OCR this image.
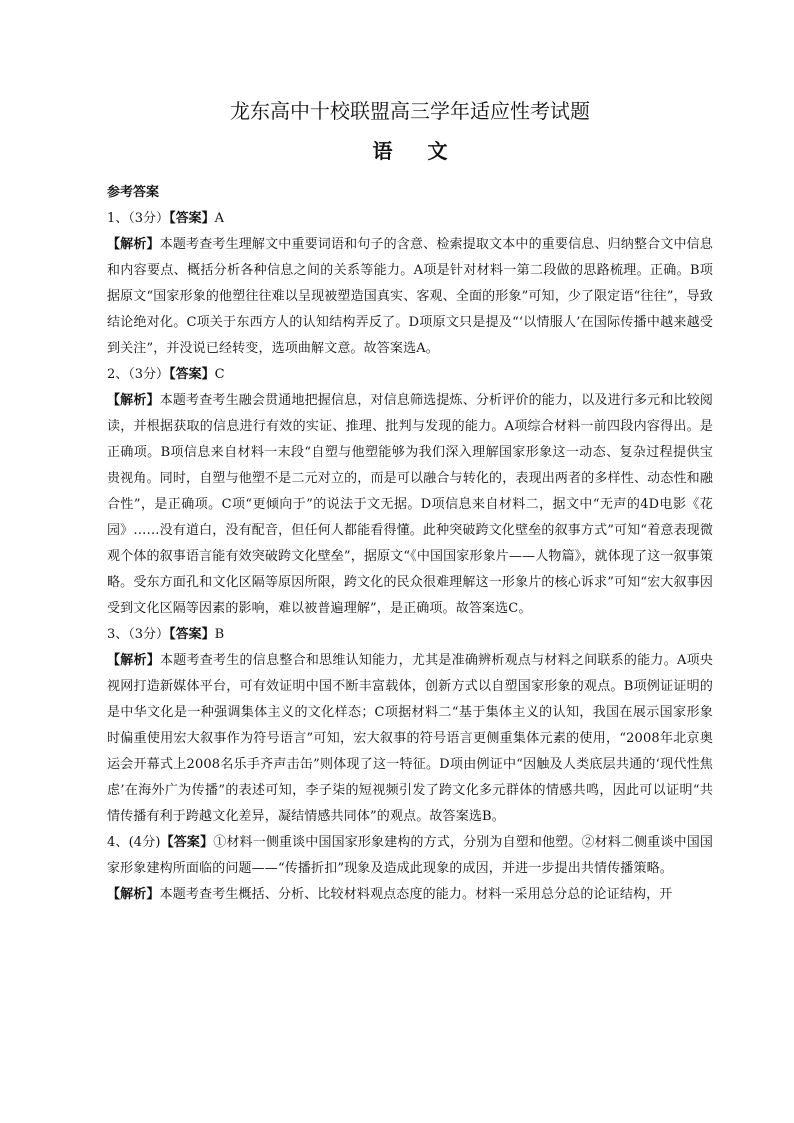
龙东高中十校联盟高三学年适应性考试题
语 文

参考答案

1、（3分）【答案】A

【解析】本题考查考生理解文中重要词语和句子的含意、检索提取文本中的重要信息、归纳整合文中信息和内容要点、概括分析各种信息之间的关系等能力。A项是针对材料一第二段做的思路梳理。正确。B项据原文“国家形象的他塑往往难以呈现被塑造国真实、客观、全面的形象”可知，少了限定语“往往”，导致结论绝对化。C项关于东西方人的认知结构弄反了。D项原文只是提及“‘以情服人’在国际传播中越来越受到关注”，并没说已经转变，选项曲解文意。故答案选A。

2、（3分）【答案】C

【解析】本题考查考生融会贯通地把握信息，对信息筛选提炼、分析评价的能力，以及进行多元和比较阅读，并根据获取的信息进行有效的实证、推理、批判与发现的能力。A项综合材料一前四段内容得出。是正确项。B项信息来自材料一末段“自塑与他塑能够为我们深入理解国家形象这一动态、复杂过程提供宝贵视角。同时，自塑与他塑不是二元对立的，而是可以融合与转化的，表现出两者的多样性、动态性和融合性”，是正确项。C项“更倾向于”的说法于文无据。D项信息来自材料二，据文中“无声的4D电影《花园》……没有道白，没有配音，但任何人都能看得懂。此种突破跨文化壁垒的叙事方式”可知“着意表现微观个体的叙事语言能有效突破跨文化壁垒”，据原文“《中国国家形象片——人物篇》，就体现了这一叙事策略。受东方面孔和文化区隔等原因所限，跨文化的民众很难理解这一形象片的核心诉求”可知“宏大叙事因受到文化区隔等因素的影响，难以被普遍理解”，是正确项。故答案选C。

3、（3分）【答案】B

【解析】本题考查考生的信息整合和思维认知能力，尤其是准确辨析观点与材料之间联系的能力。A项央视网打造新媒体平台，可有效证明中国不断丰富载体，创新方式以自塑国家形象的观点。B项例证证明的是中华文化是一种强调集体主义的文化样态；C项据材料二“基于集体主义的认知，我国在展示国家形象时偏重使用宏大叙事作为符号语言”可知，宏大叙事的符号语言更侧重集体元素的使用，“2008年北京奥运会开幕式上2008名乐手齐声击缶”则体现了这一特征。D项由例证中“因触及人类底层共通的‘现代性焦虑’在海外广为传播”的表述可知，李子柒的短视频引发了跨文化多元群体的情感共鸣，因此可以证明“共情传播有利于跨越文化差异，凝结情感共同体”的观点。故答案选B。

4、(4分)【答案】①材料一侧重谈中国国家形象建构的方式，分别为自塑和他塑。②材料二侧重谈中国国家形象建构所面临的问题——“传播折扣”现象及造成此现象的成因，并进一步提出共情传播策略。

【解析】本题考查考生概括、分析、比较材料观点态度的能力。材料一采用总分总的论证结构，开
